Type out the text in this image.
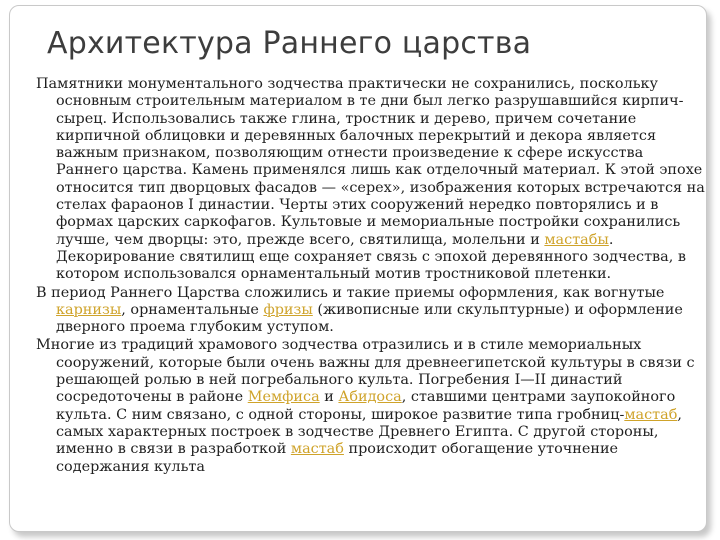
Архитектура Раннего царства

Памятники монументального зодчества практически не сохранились, поскольку основным строительным материалом в те дни был легко разрушавшийся кирпич-сырец. Использовались также глина, тростник и дерево, причем сочетание кирпичной облицовки и деревянных балочных перекрытий и декора является важным признаком, позволяющим отнести произведение к сфере искусства Раннего царства. Камень применялся лишь как отделочный материал. К этой эпохе относится тип дворцовых фасадов — «серех», изображения которых встречаются на стелах фараонов I династии. Черты этих сооружений нередко повторялись и в формах царских саркофагов. Культовые и мемориальные постройки сохранились лучше, чем дворцы: это, прежде всего, святилища, молельни и мастабы. Декорирование святилищ еще сохраняет связь с эпохой деревянного зодчества, в котором использовался орнаментальный мотив тростниковой плетенки.

В период Раннего Царства сложились и такие приемы оформления, как вогнутые карнизы, орнаментальные фризы (живописные или скульптурные) и оформление дверного проема глубоким уступом.

Многие из традиций храмового зодчества отразились и в стиле мемориальных сооружений, которые были очень важны для древнеегипетской культуры в связи с решающей ролью в ней погребального культа. Погребения I—II династий сосредоточены в районе Мемфиса и Абидоса, ставшими центрами заупокойного культа. С ним связано, с одной стороны, широкое развитие типа гробниц-мастаб, самых характерных построек в зодчестве Древнего Египта. С другой стороны, именно в связи в разработкой мастаб происходит обогащение уточнение содержания культа
